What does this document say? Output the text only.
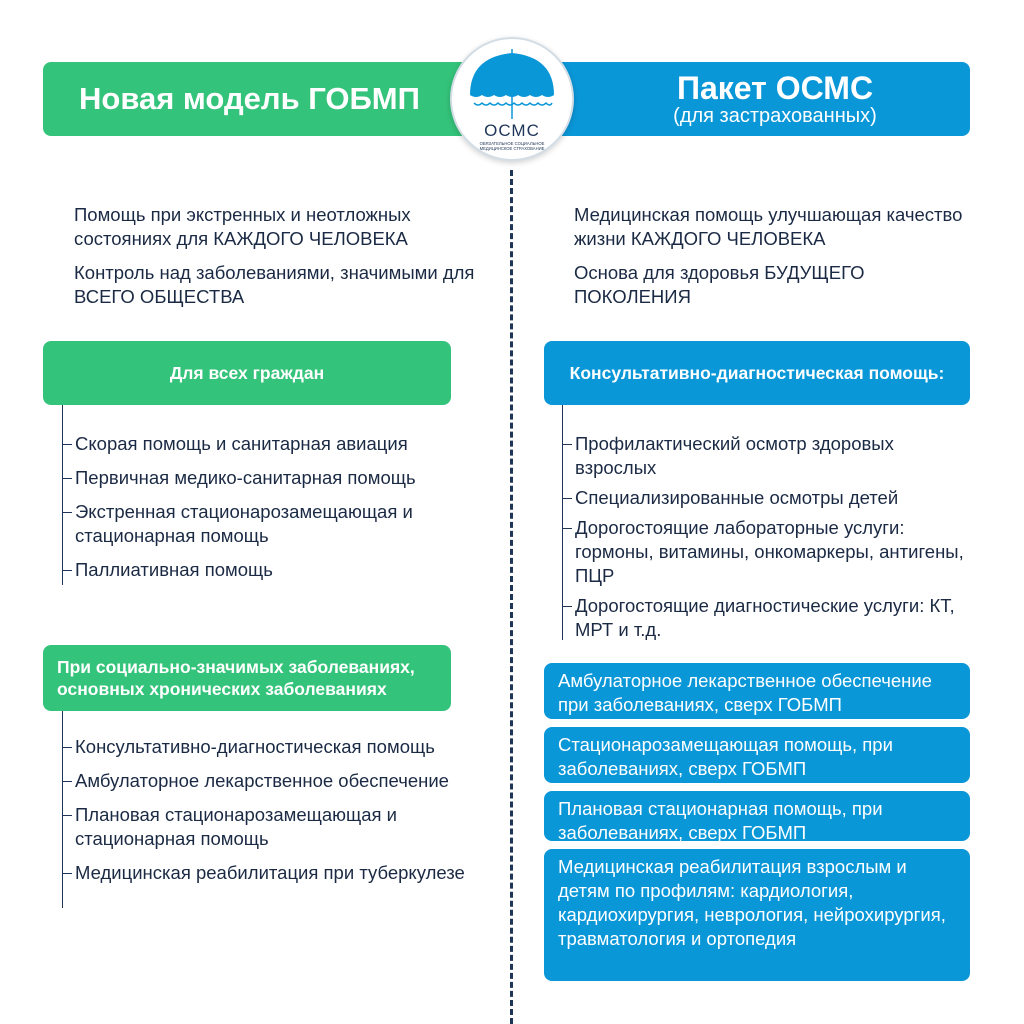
Новая модель ГОБМП	Пакет ОСМС
(для застрахованных)
ОСМС
ОБЯЗАТЕЛЬНОЕ СОЦИАЛЬНОЕ
МЕДИЦИНСКОЕ СТРАХОВАНИЕ
Помощь при экстренных и неотложных состояниях для КАЖДОГО ЧЕЛОВЕКА
Контроль над заболеваниями, значимыми для ВСЕГО ОБЩЕСТВА
Медицинская помощь улучшающая качество жизни КАЖДОГО ЧЕЛОВЕКА
Основа для здоровья БУДУЩЕГО ПОКОЛЕНИЯ
Для всех граждан
Скорая помощь и санитарная авиация
Первичная медико-санитарная помощь
Экстренная стационарозамещающая и стационарная помощь
Паллиативная помощь
При социально-значимых заболеваниях, основных хронических заболеваниях
Консультативно-диагностическая помощь
Амбулаторное лекарственное обеспечение
Плановая стационарозамещающая и стационарная помощь
Медицинская реабилитация при туберкулезе
Консультативно-диагностическая помощь:
Профилактический осмотр здоровых взрослых
Специализированные осмотры детей
Дорогостоящие лабораторные услуги: гормоны, витамины, онкомаркеры, антигены, ПЦР
Дорогостоящие диагностические услуги: КТ, МРТ и т.д.
Амбулаторное лекарственное обеспечение при заболеваниях, сверх ГОБМП
Стационарозамещающая помощь, при заболеваниях, сверх ГОБМП
Плановая стационарная помощь, при заболеваниях, сверх ГОБМП
Медицинская реабилитация взрослым и детям по профилям: кардиология, кардиохирургия, неврология, нейрохирургия, травматология и ортопедия
